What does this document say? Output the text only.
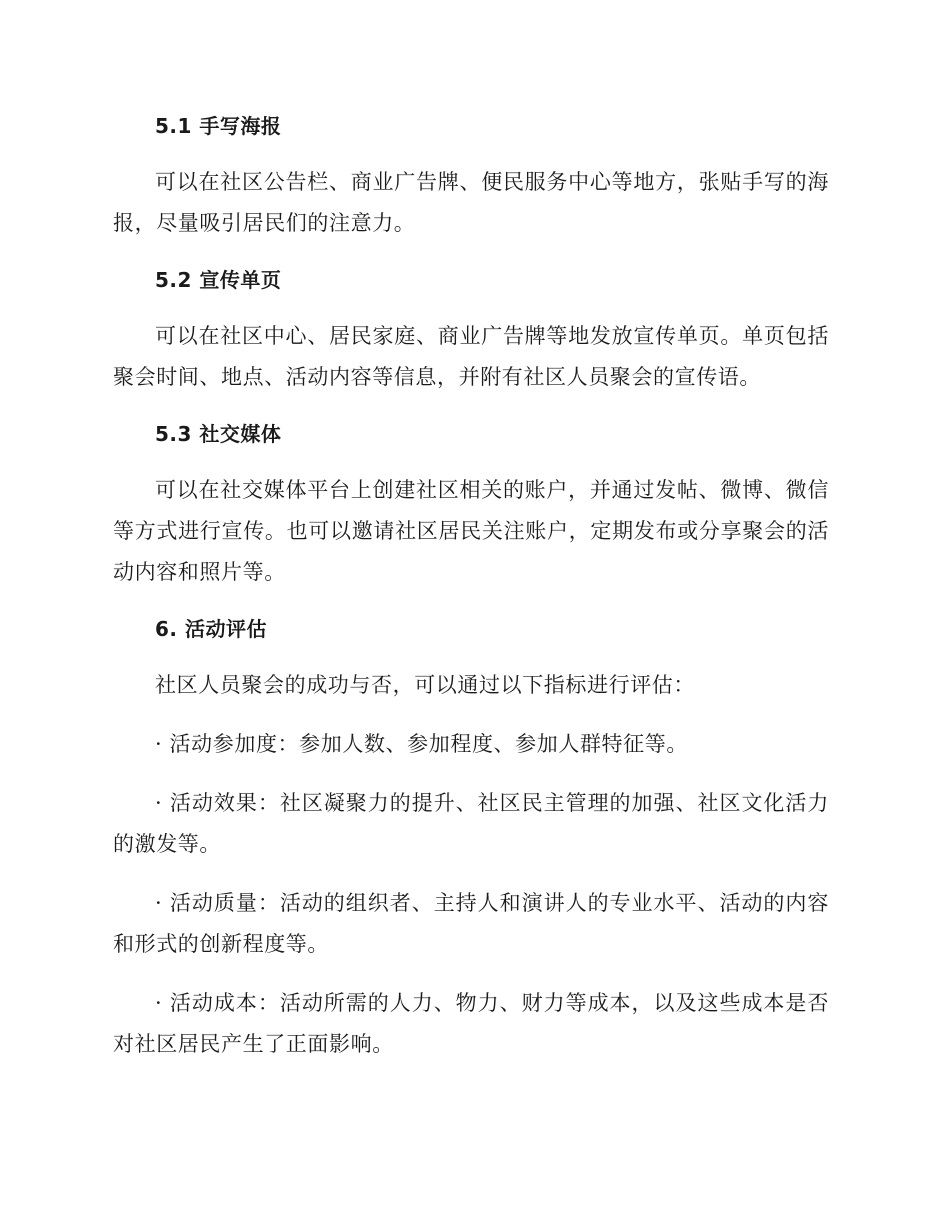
5.1 手写海报

可以在社区公告栏、商业广告牌、便民服务中心等地方，张贴手写的海报，尽量吸引居民们的注意力。

5.2 宣传单页

可以在社区中心、居民家庭、商业广告牌等地发放宣传单页。单页包括聚会时间、地点、活动内容等信息，并附有社区人员聚会的宣传语。

5.3 社交媒体

可以在社交媒体平台上创建社区相关的账户，并通过发帖、微博、微信等方式进行宣传。也可以邀请社区居民关注账户，定期发布或分享聚会的活动内容和照片等。

6. 活动评估

社区人员聚会的成功与否，可以通过以下指标进行评估：

· 活动参加度：参加人数、参加程度、参加人群特征等。

· 活动效果：社区凝聚力的提升、社区民主管理的加强、社区文化活力的激发等。

· 活动质量：活动的组织者、主持人和演讲人的专业水平、活动的内容和形式的创新程度等。

· 活动成本：活动所需的人力、物力、财力等成本，以及这些成本是否对社区居民产生了正面影响。
